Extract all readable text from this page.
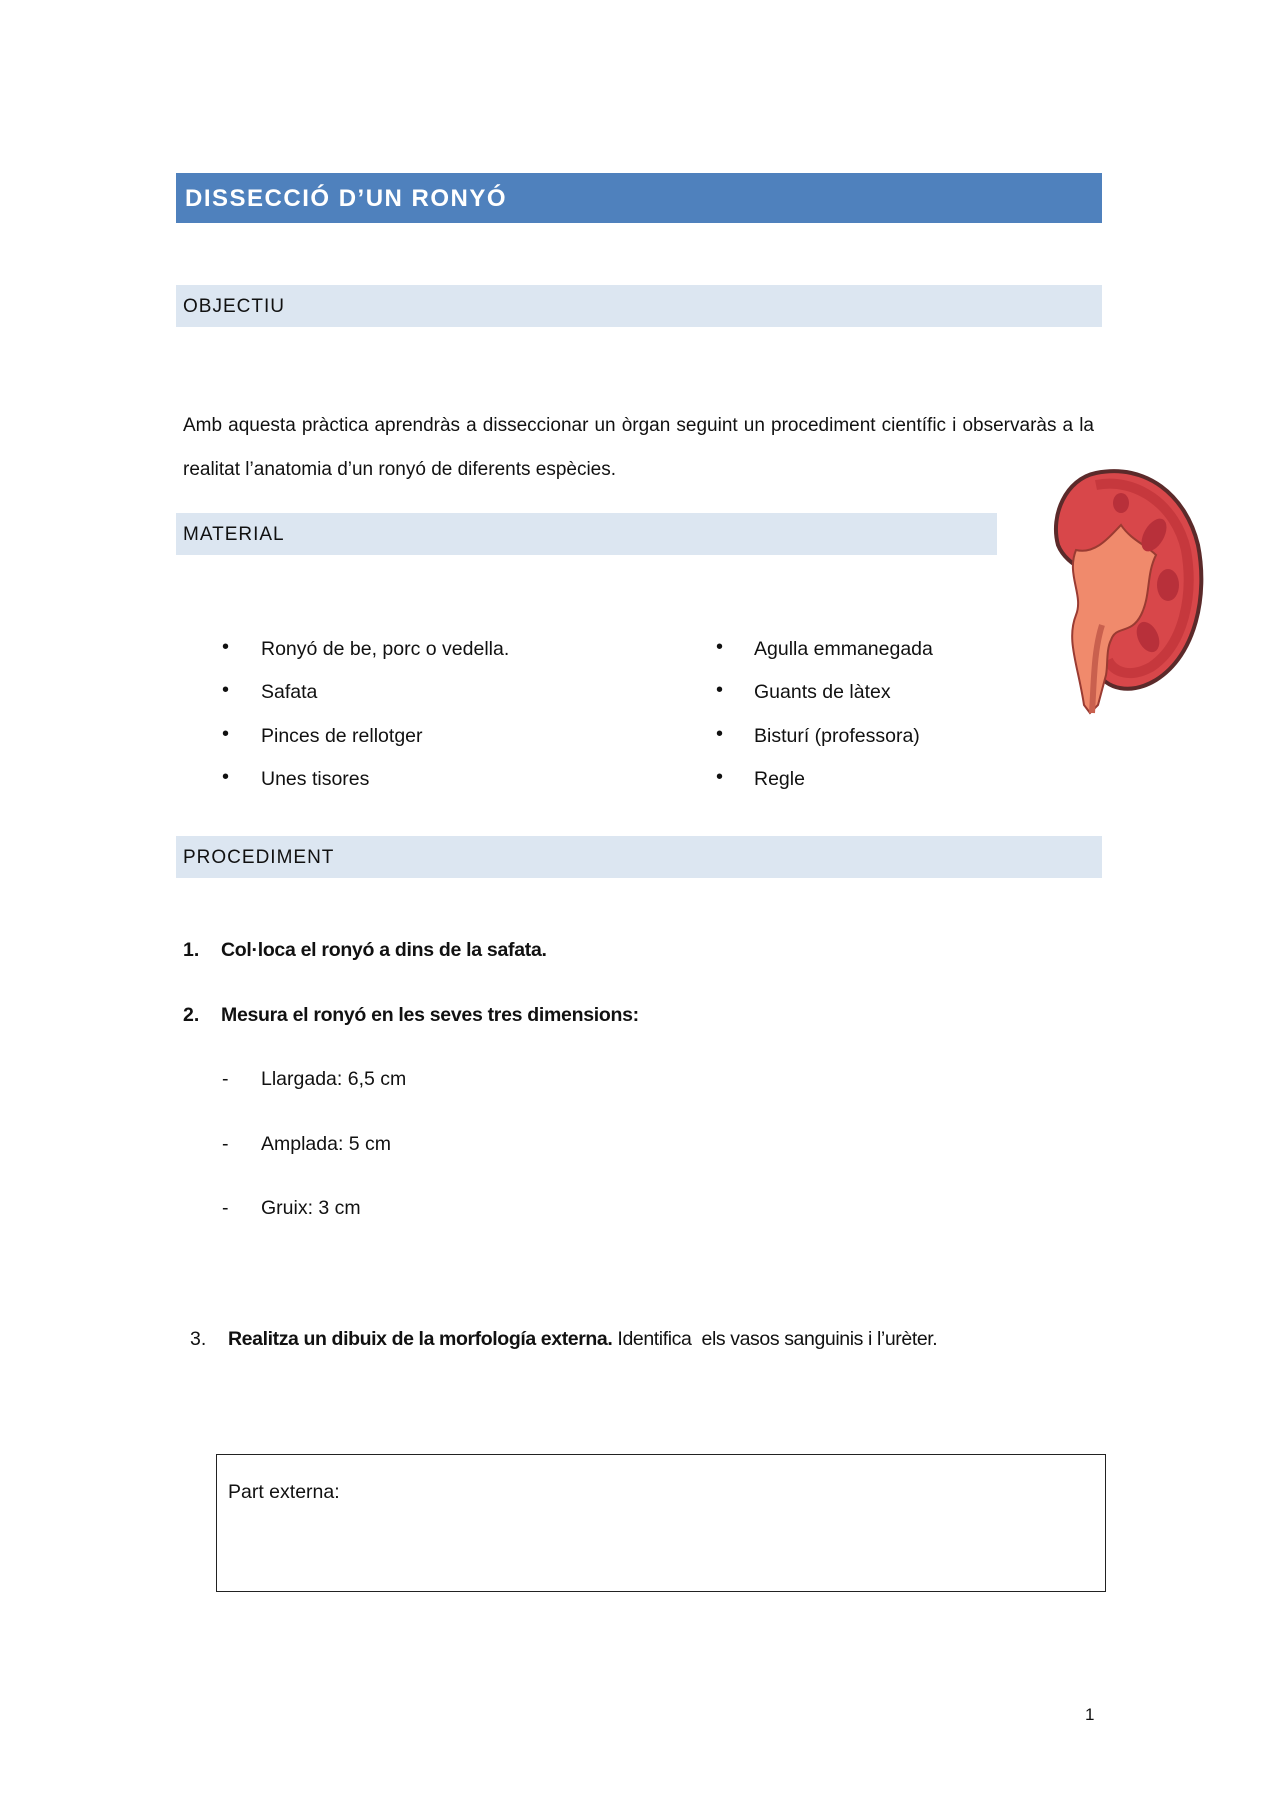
DISSECCIÓ D’UN RONYÓ
OBJECTIU
Amb aquesta pràctica aprendràs a disseccionar un òrgan seguint un procediment científic i observaràs a la realitat l’anatomia d’un ronyó de diferents espècies.
MATERIAL
• Ronyó de be, porc o vedella.
• Safata
• Pinces de rellotger
• Unes tisores
• Agulla emmanegada
• Guants de làtex
• Bisturí (professora)
• Regle
PROCEDIMENT
1. Col·loca el ronyó a dins de la safata.
2. Mesura el ronyó en les seves tres dimensions:
- Llargada: 6,5 cm
- Amplada: 5 cm
- Gruix: 3 cm
3. Realitza un dibuix de la morfología externa. Identifica  els vasos sanguinis i l’urèter.
Part externa:
1
